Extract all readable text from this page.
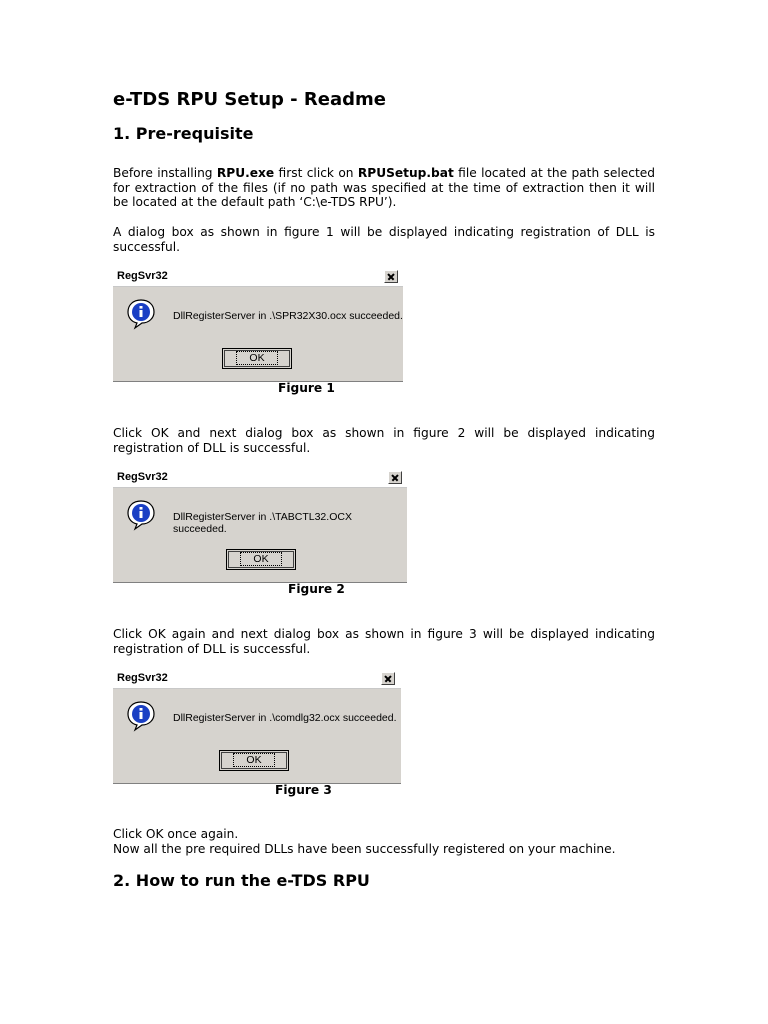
e-TDS RPU Setup - Readme
1. Pre-requisite
Before installing RPU.exe first click on RPUSetup.bat file located at the path selected for extraction of the files (if no path was specified at the time of extraction then it will be located at the default path ‘C:\e-TDS RPU’).
A dialog box as shown in figure 1 will be displayed indicating registration of DLL is successful.
RegSvr32
DllRegisterServer in .\SPR32X30.ocx succeeded.
OK
Figure 1
Click OK and next dialog box as shown in figure 2 will be displayed indicating registration of DLL is successful.
RegSvr32
DllRegisterServer in .\TABCTL32.OCX succeeded.
OK
Figure 2
Click OK again and next dialog box as shown in figure 3 will be displayed indicating registration of DLL is successful.
RegSvr32
DllRegisterServer in .\comdlg32.ocx succeeded.
OK
Figure 3
Click OK once again.
Now all the pre required DLLs have been successfully registered on your machine.
2. How to run the e-TDS RPU
